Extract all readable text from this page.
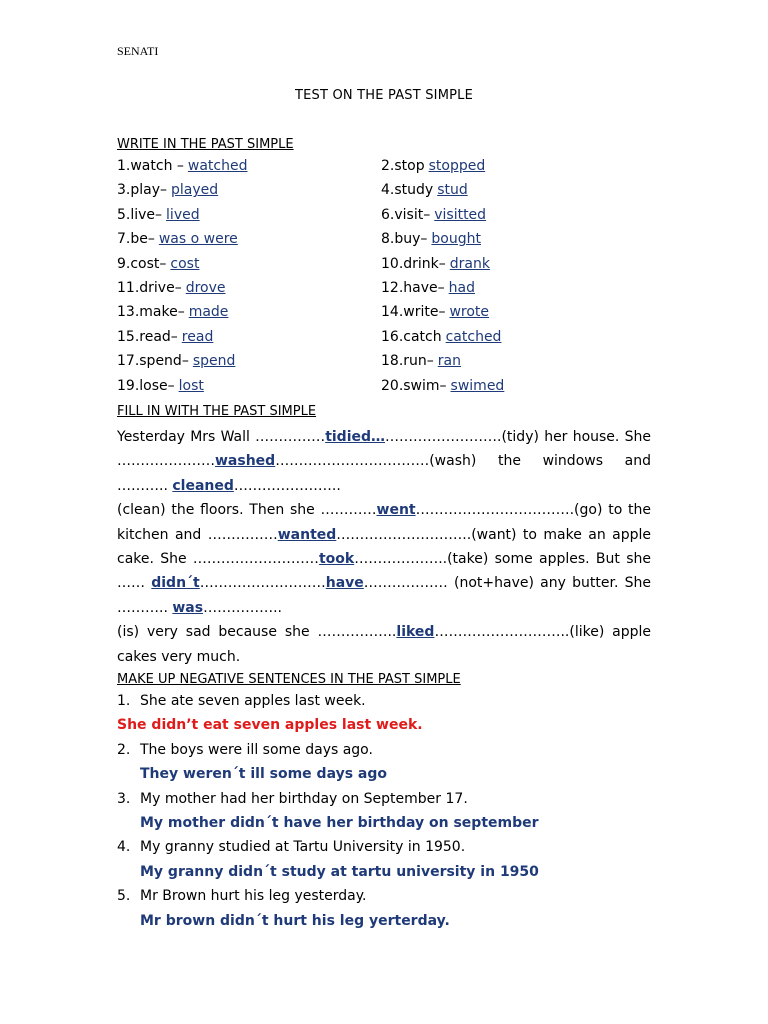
SENATI
TEST ON THE PAST SIMPLE
WRITE IN THE PAST SIMPLE
1.watch – watched	2.stop stopped
3.play– played	4.study stud
5.live– lived	6.visit– visitted
7.be– was o were	8.buy– bought
9.cost– cost	10.drink– drank
11.drive– drove	12.have– had
13.make– made	14.write– wrote
15.read– read	16.catch catched
17.spend– spend	18.run– ran
19.lose– lost	20.swim– swimed
FILL IN WITH THE PAST SIMPLE

Yesterday Mrs Wall ……………tidied……………………….(tidy) her house. She …………………washed……………………………(wash) the windows and ……….. cleaned…………………..

(clean) the floors. Then she …………went…………………………….(go) to the kitchen and ……………wanted………………………..(want) to make an apple cake. She ………………………took………………..(take) some apples. But she …… didn´t………………………have……………… (not+have) any butter. She ……….. was……………..

(is) very sad because she ……………..liked………………………..(like) apple cakes very much.

MAKE UP NEGATIVE SENTENCES IN THE PAST SIMPLE
1. She ate seven apples last week.
She didn’t eat seven apples last week.
2. The boys were ill some days ago.
They weren´t ill some days ago
3. My mother had her birthday on September 17.
My mother didn´t have her birthday on september
4. My granny studied at Tartu University in 1950.
My granny didn´t study at tartu university in 1950
5. Mr Brown hurt his leg yesterday.
Mr brown didn´t hurt his leg yerterday.
